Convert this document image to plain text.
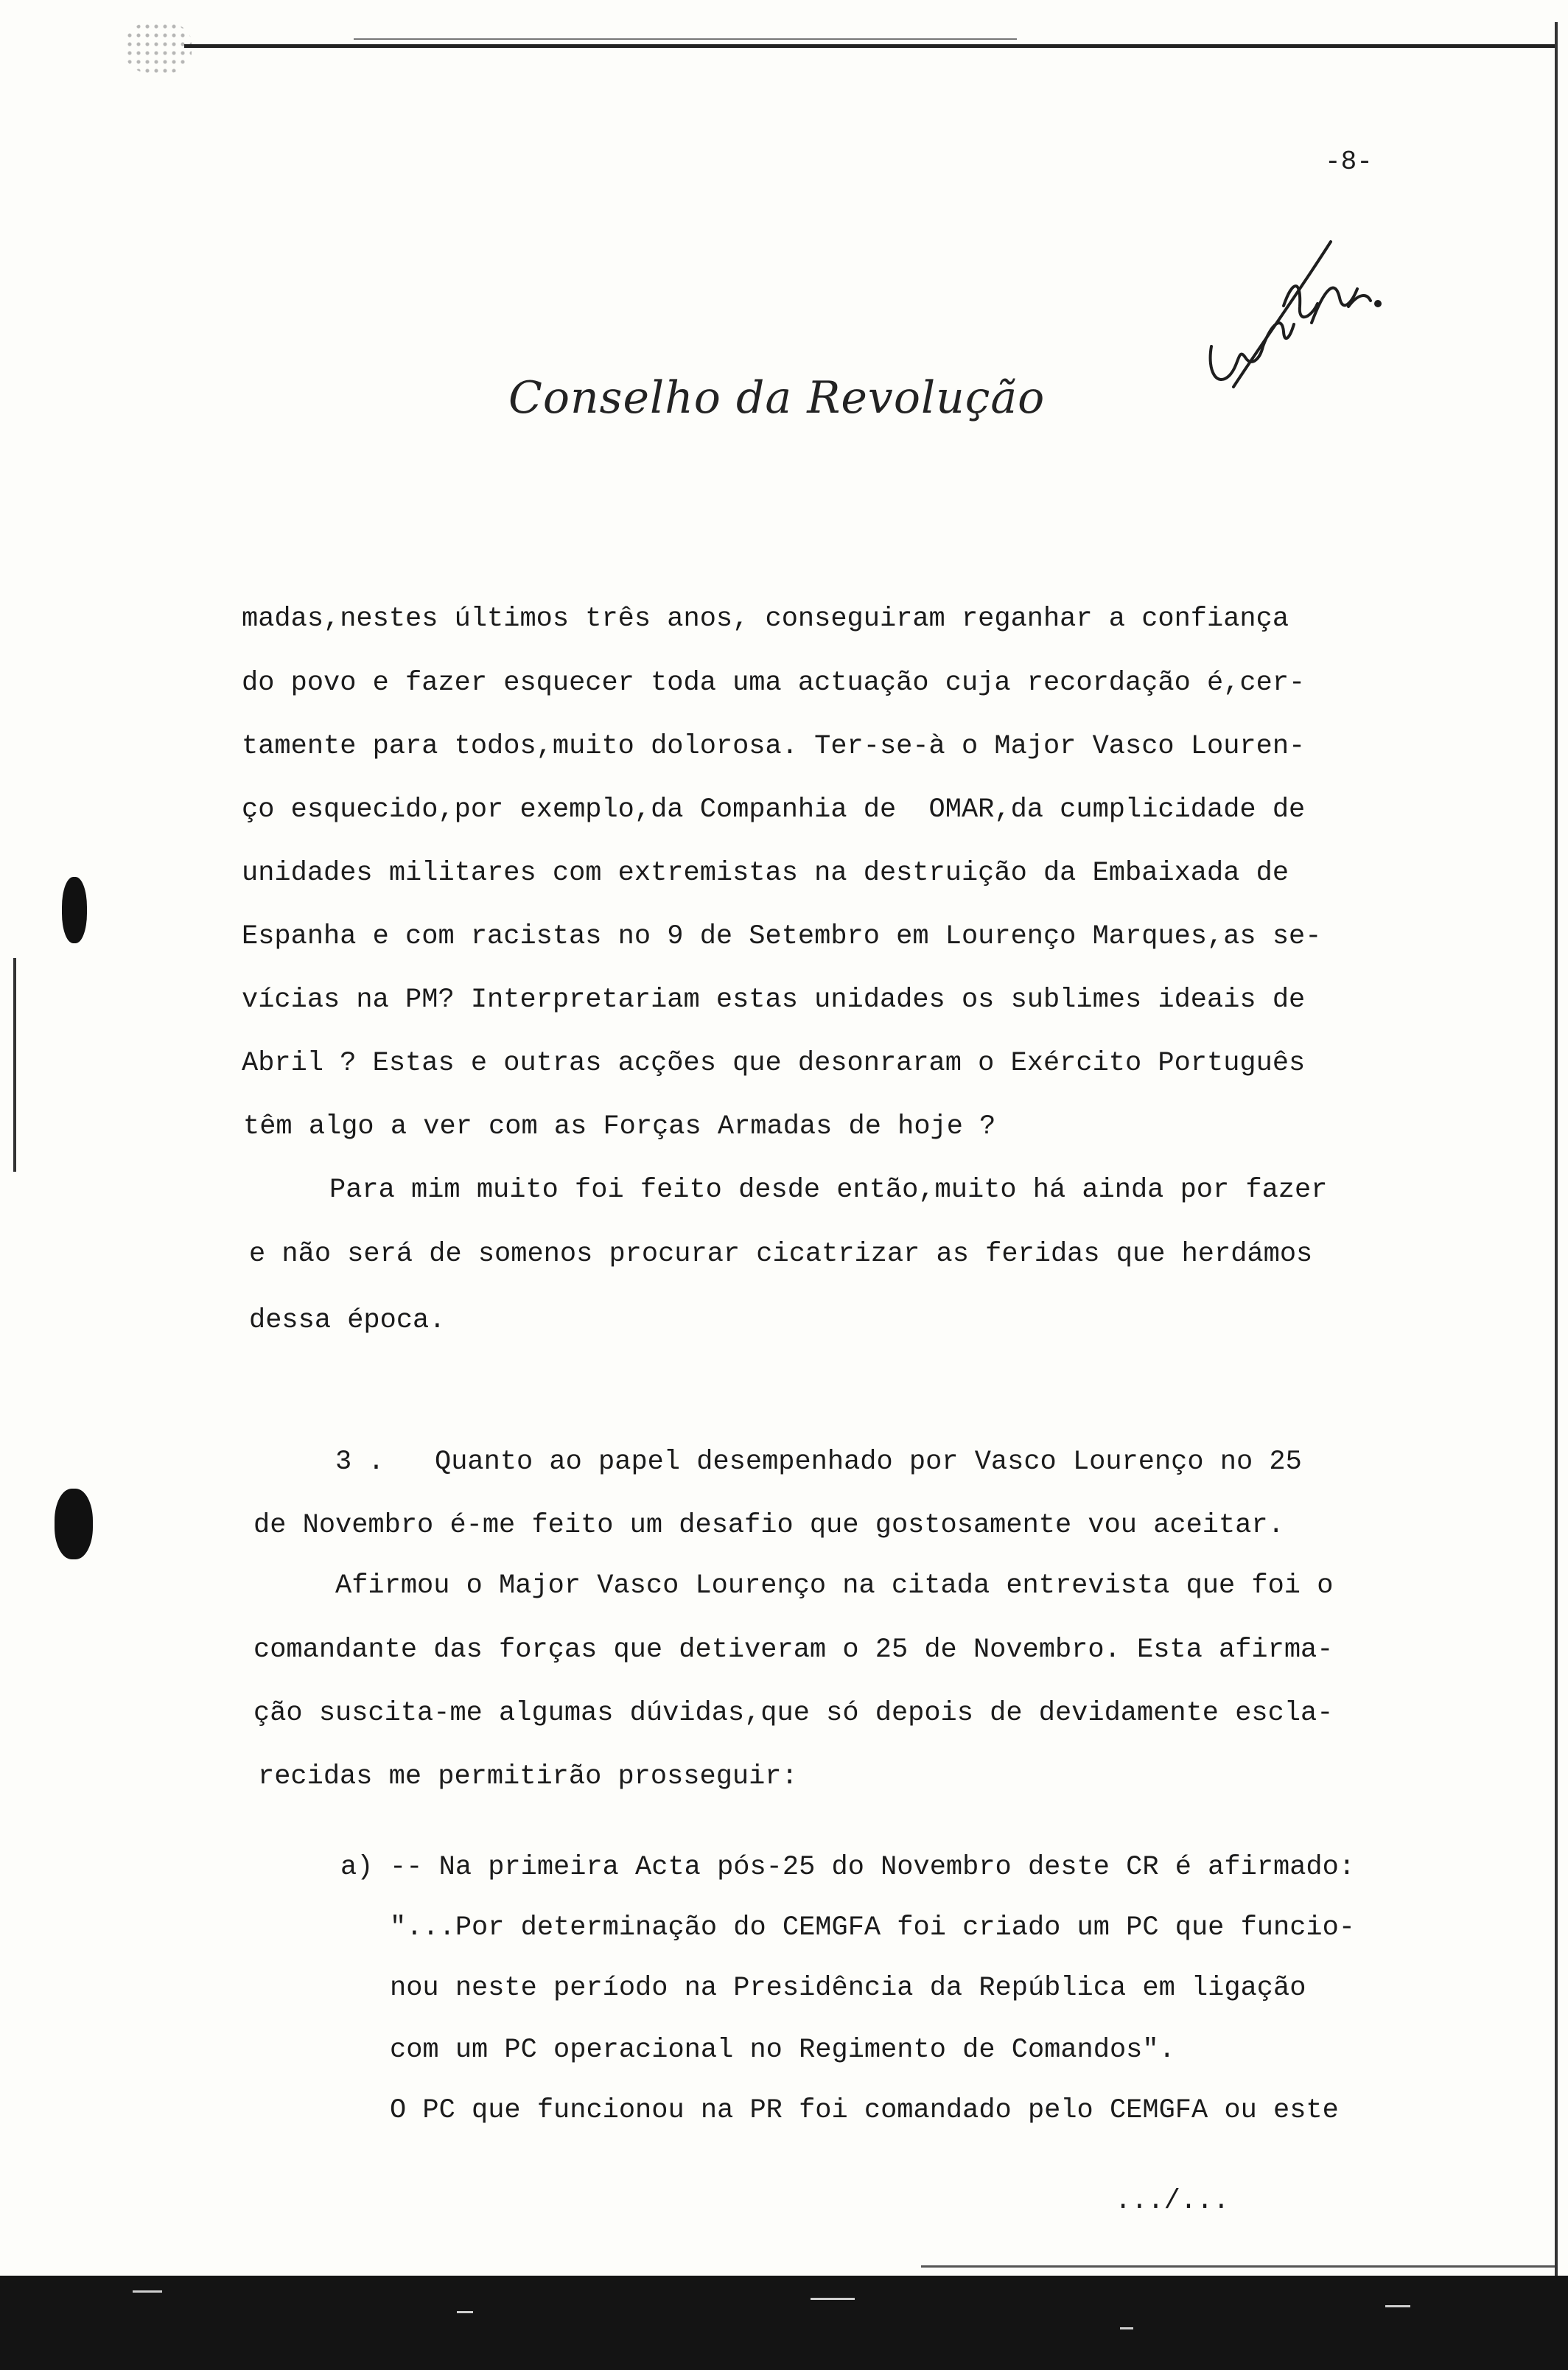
-8-
Conselho da Revolução
madas,nestes últimos três anos, conseguiram reganhar a confiança
do povo e fazer esquecer toda uma actuação cuja recordação é,cer-
tamente para todos,muito dolorosa. Ter-se-à o Major Vasco Louren-
ço esquecido,por exemplo,da Companhia de  OMAR,da cumplicidade de
unidades militares com extremistas na destruição da Embaixada de
Espanha e com racistas no 9 de Setembro em Lourenço Marques,as se-
vícias na PM? Interpretariam estas unidades os sublimes ideais de
Abril ? Estas e outras acções que desonraram o Exército Português
têm algo a ver com as Forças Armadas de hoje ?
Para mim muito foi feito desde então,muito há ainda por fazer
e não será de somenos procurar cicatrizar as feridas que herdámos
dessa época.
3 . Quanto ao papel desempenhado por Vasco Lourenço no 25
de Novembro é-me feito um desafio que gostosamente vou aceitar.
Afirmou o Major Vasco Lourenço na citada entrevista que foi o
comandante das forças que detiveram o 25 de Novembro. Esta afirma-
ção suscita-me algumas dúvidas,que só depois de devidamente escla-
recidas me permitirão prosseguir:
a) -- Na primeira Acta pós-25 do Novembro deste CR é afirmado:
"...Por determinação do CEMGFA foi criado um PC que funcio-
nou neste período na Presidência da República em ligação
com um PC operacional no Regimento de Comandos".
O PC que funcionou na PR foi comandado pelo CEMGFA ou este
.../...
